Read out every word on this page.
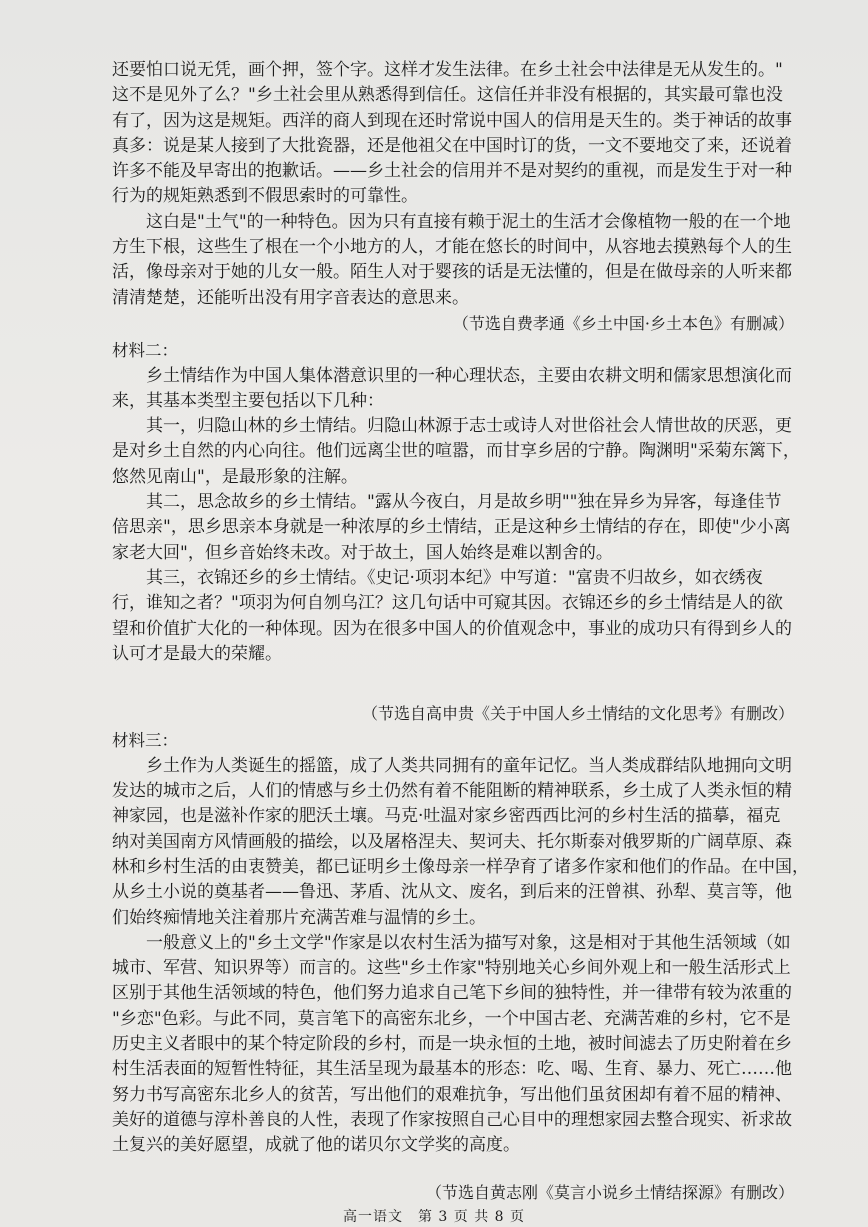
还要怕口说无凭，画个押，签个字。这样才发生法律。在乡土社会中法律是无从发生的。"

这不是见外了么？"乡土社会里从熟悉得到信任。这信任并非没有根据的，其实最可靠也没

有了，因为这是规矩。西洋的商人到现在还时常说中国人的信用是天生的。类于神话的故事

真多：说是某人接到了大批瓷器，还是他祖父在中国时订的货，一文不要地交了来，还说着

许多不能及早寄出的抱歉话。——乡土社会的信用并不是对契约的重视，而是发生于对一种

行为的规矩熟悉到不假思索时的可靠性。

这白是"土气"的一种特色。因为只有直接有赖于泥土的生活才会像植物一般的在一个地

方生下根，这些生了根在一个小地方的人，才能在悠长的时间中，从容地去摸熟每个人的生

活，像母亲对于她的儿女一般。陌生人对于婴孩的话是无法懂的，但是在做母亲的人听来都

清清楚楚，还能听出没有用字音表达的意思来。

（节选自费孝通《乡土中国·乡土本色》有删减）

材料二：

乡土情结作为中国人集体潜意识里的一种心理状态，主要由农耕文明和儒家思想演化而

来，其基本类型主要包括以下几种：

其一，归隐山林的乡土情结。归隐山林源于志士或诗人对世俗社会人情世故的厌恶，更

是对乡土自然的内心向往。他们远离尘世的喧嚣，而甘享乡居的宁静。陶渊明"采菊东篱下，

悠然见南山"，是最形象的注解。

其二，思念故乡的乡土情结。"露从今夜白，月是故乡明""独在异乡为异客，每逢佳节

倍思亲"，思乡思亲本身就是一种浓厚的乡土情结，正是这种乡土情结的存在，即使"少小离

家老大回"，但乡音始终未改。对于故土，国人始终是难以割舍的。

其三，衣锦还乡的乡土情结。《史记·项羽本纪》中写道："富贵不归故乡，如衣绣夜

行，谁知之者？"项羽为何自刎乌江？这几句话中可窥其因。衣锦还乡的乡土情结是人的欲

望和价值扩大化的一种体现。因为在很多中国人的价值观念中，事业的成功只有得到乡人的

认可才是最大的荣耀。

（节选自高申贵《关于中国人乡土情结的文化思考》有删改）

材料三：

乡土作为人类诞生的摇篮，成了人类共同拥有的童年记忆。当人类成群结队地拥向文明

发达的城市之后，人们的情感与乡土仍然有着不能阻断的精神联系，乡土成了人类永恒的精

神家园，也是滋补作家的肥沃土壤。马克·吐温对家乡密西西比河的乡村生活的描摹，福克

纳对美国南方风情画般的描绘，以及屠格涅夫、契诃夫、托尔斯泰对俄罗斯的广阔草原、森

林和乡村生活的由衷赞美，都已证明乡土像母亲一样孕育了诸多作家和他们的作品。在中国，

从乡土小说的奠基者——鲁迅、茅盾、沈从文、废名，到后来的汪曾祺、孙犁、莫言等，他

们始终痴情地关注着那片充满苦难与温情的乡土。

一般意义上的"乡土文学"作家是以农村生活为描写对象，这是相对于其他生活领域（如

城市、军营、知识界等）而言的。这些"乡土作家"特别地关心乡间外观上和一般生活形式上

区别于其他生活领域的特色，他们努力追求自己笔下乡间的独特性，并一律带有较为浓重的

"乡恋"色彩。与此不同，莫言笔下的高密东北乡，一个中国古老、充满苦难的乡村，它不是

历史主义者眼中的某个特定阶段的乡村，而是一块永恒的土地，被时间滤去了历史附着在乡

村生活表面的短暂性特征，其生活呈现为最基本的形态：吃、喝、生育、暴力、死亡……他

努力书写高密东北乡人的贫苦，写出他们的艰难抗争，写出他们虽贫困却有着不屈的精神、

美好的道德与淳朴善良的人性，表现了作家按照自己心目中的理想家园去整合现实、祈求故

土复兴的美好愿望，成就了他的诺贝尔文学奖的高度。

（节选自黄志刚《莫言小说乡土情结探源》有删改）

高一语文　第 3 页 共 8 页
